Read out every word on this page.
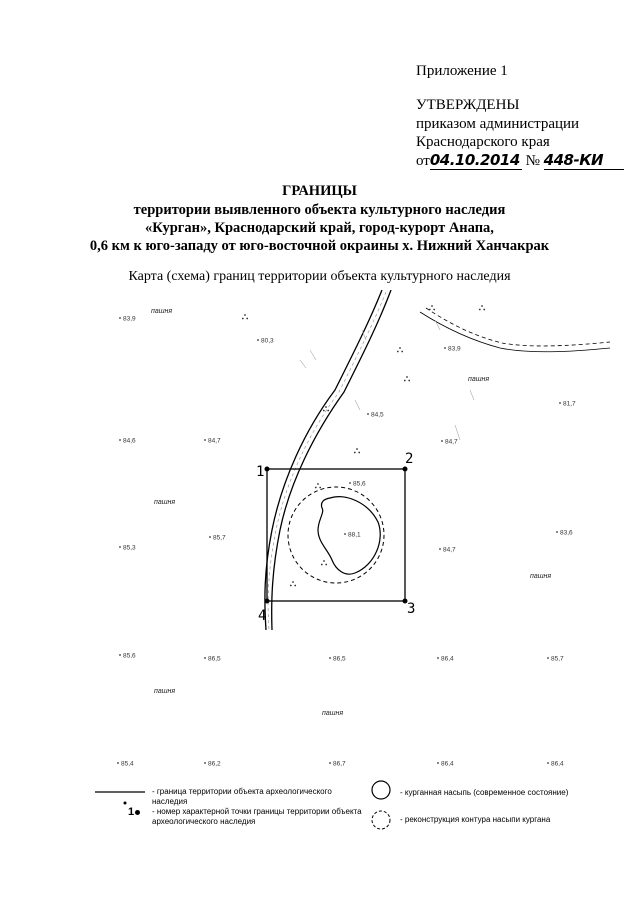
Приложение 1
УТВЕРЖДЕНЫ
приказом администрации
Краснодарского края
от04.10.2014 № 448-КИ
ГРАНИЦЫ
территории выявленного объекта культурного наследия
«Курган», Краснодарский край, город-курорт Анапа,
0,6 км к юго-западу от юго-восточной окраины х. Нижний Ханчакрак
Карта (схема) границ территории объекта культурного наследия
1
2
3
4
83,9
80,3
83,9
81,7
84,5
84,6	84,7	84,7
85,6
88,1
85,3
85,7
84,7
83,6
85,6	86,5	86,5	86,4	85,7
85,4	86,2	86,7	86,4	86,4
пашня
пашня
пашня
пашня
пашня
пашня
- граница территории объекта археологического наследия
1	- номер характерной точки границы территории объекта археологического наследия
- курганная насыпь (современное состояние)
- реконструкция контура насыпи кургана
